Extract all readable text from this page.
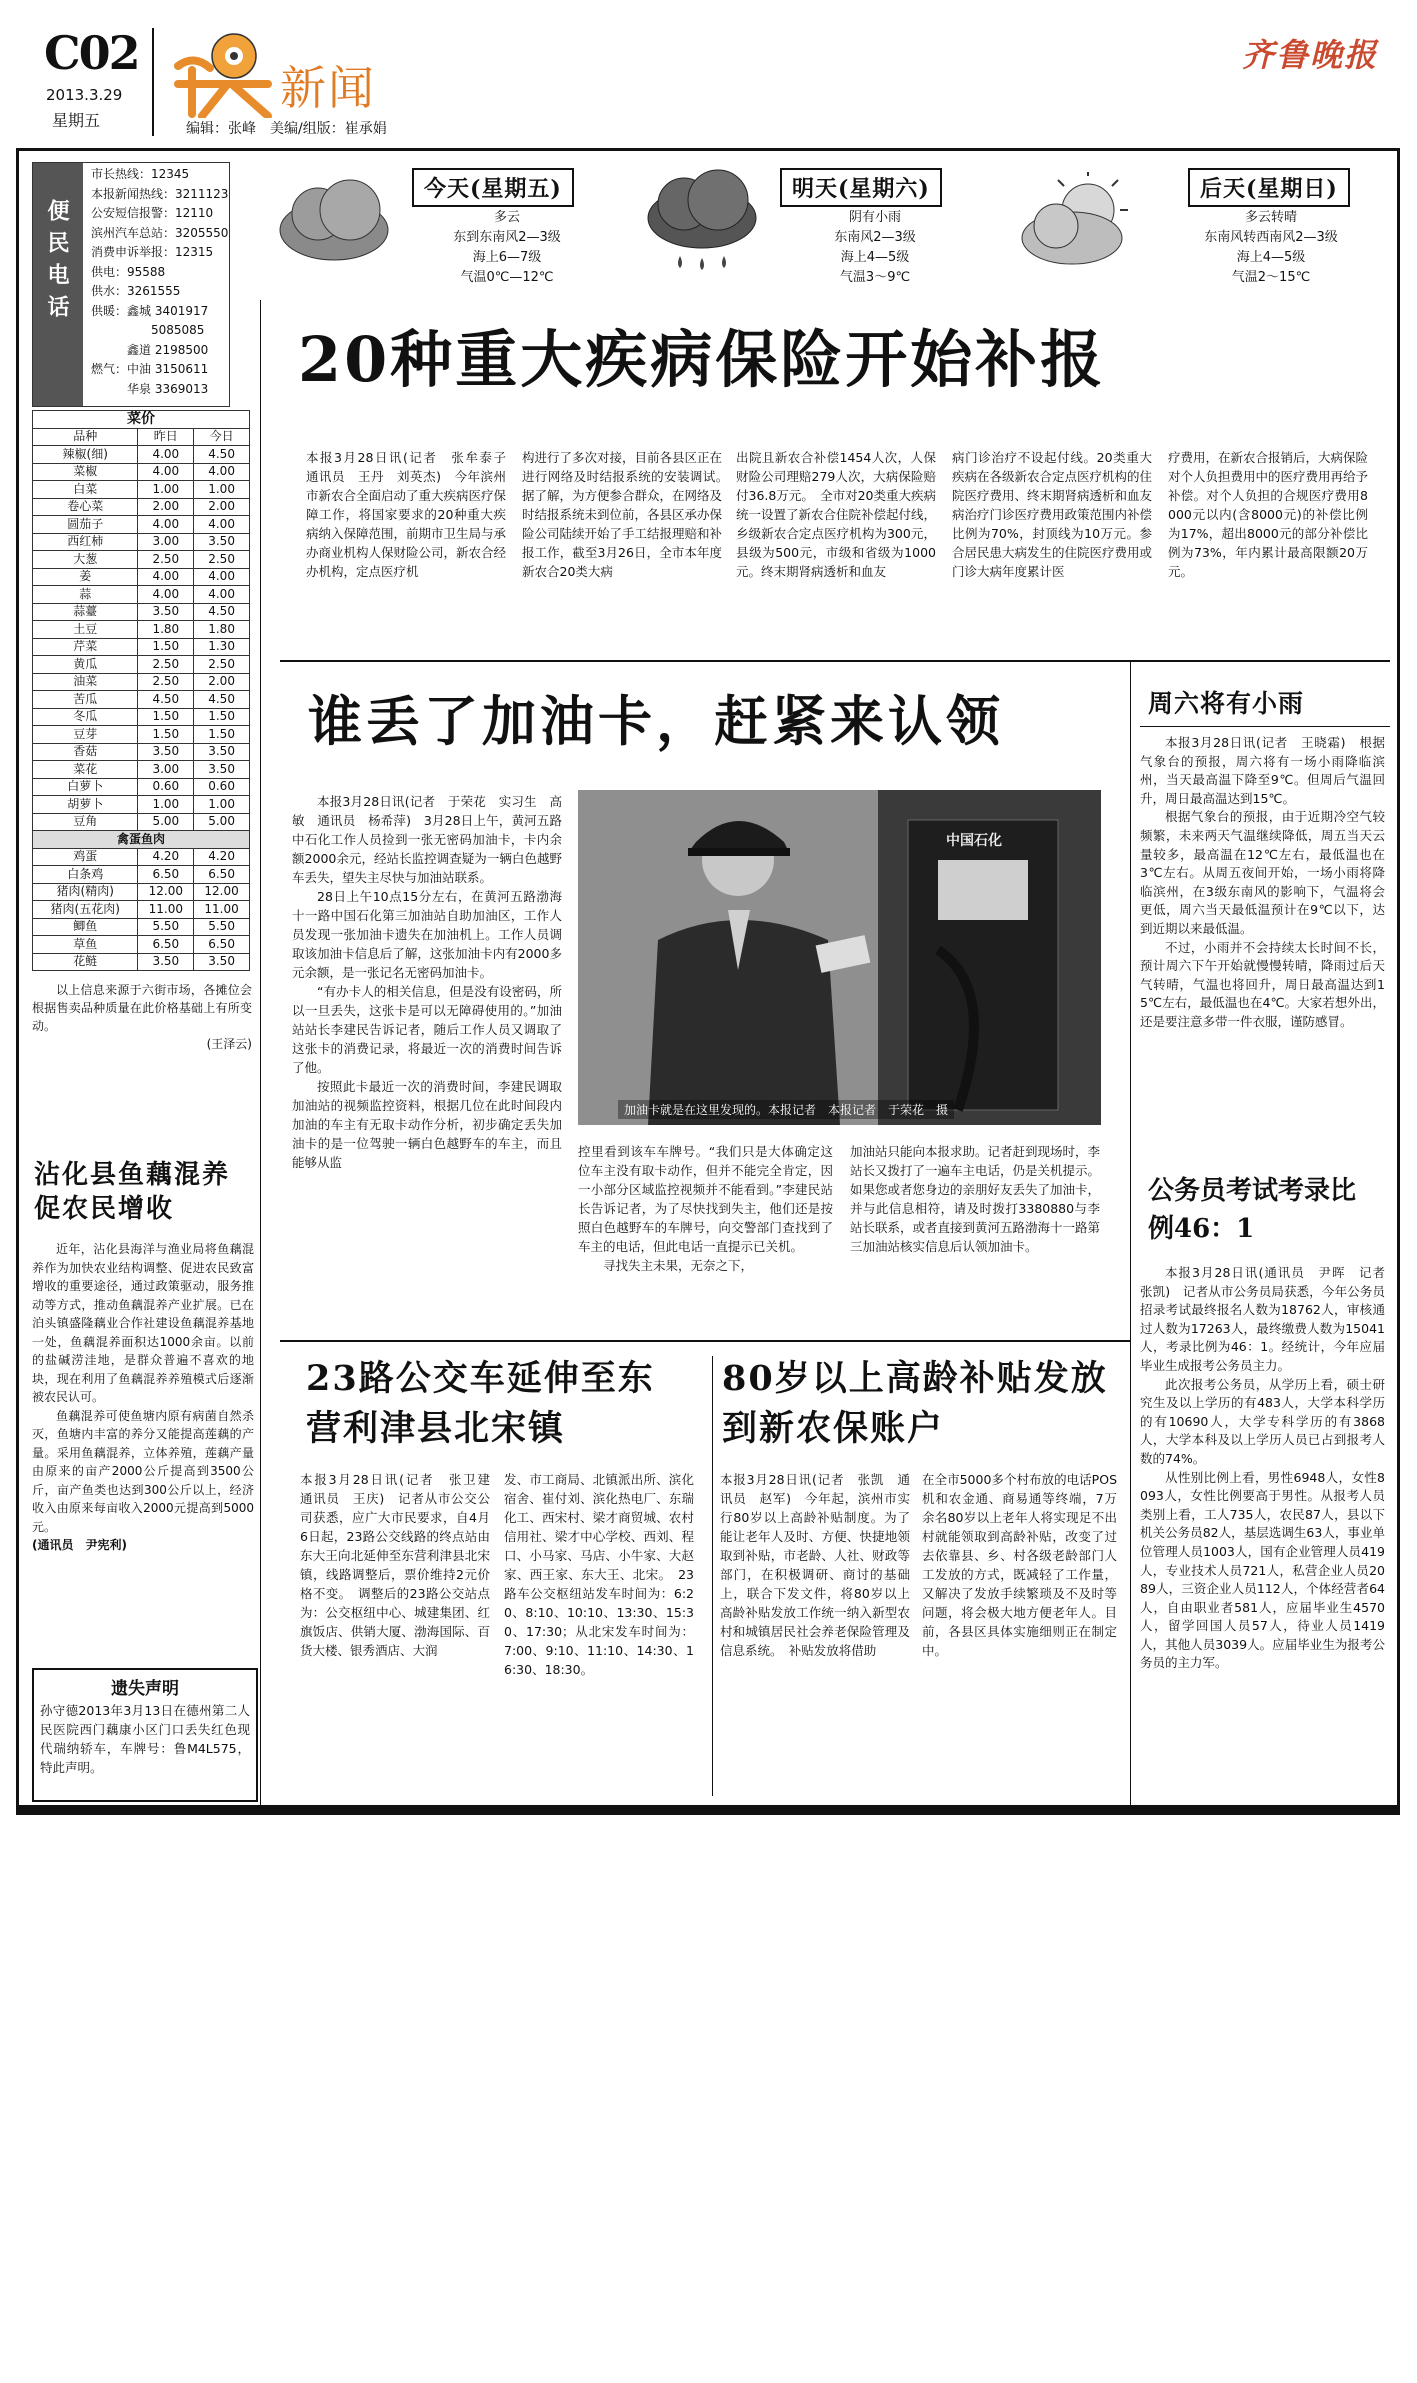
C02
2013.3.29
星期五
新闻
编辑：张峰　美编/组版：崔承娟
齐鲁晚报
便民电话
市长热线：12345
本报新闻热线：3211123
公安短信报警：12110
滨州汽车总站：3205550
消费申诉举报：12315
供电：95588
供水：3261555
供暖：鑫城 3401917
5085085
鑫道 2198500
燃气：中油 3150611
华泉 3369013
今天(星期五)
多云
东到东南风2—3级
海上6—7级
气温0℃—12℃
明天(星期六)
阴有小雨
东南风2—3级
海上4—5级
气温3～9℃
后天(星期日)
多云转晴
东南风转西南风2—3级
海上4—5级
气温2～15℃
菜价		
品种	昨日	今日
辣椒(细)	4.00	4.50
菜椒	4.00	4.00
白菜	1.00	1.00
卷心菜	2.00	2.00
圆茄子	4.00	4.00
西红柿	3.00	3.50
大葱	2.50	2.50
姜	4.00	4.00
蒜	4.00	4.00
蒜薹	3.50	4.50
土豆	1.80	1.80
芹菜	1.50	1.30
黄瓜	2.50	2.50
油菜	2.50	2.00
苦瓜	4.50	4.50
冬瓜	1.50	1.50
豆芽	1.50	1.50
香菇	3.50	3.50
菜花	3.00	3.50
白萝卜	0.60	0.60
胡萝卜	1.00	1.00
豆角	5.00	5.00
禽蛋鱼肉		
鸡蛋	4.20	4.20
白条鸡	6.50	6.50
猪肉(精肉)	12.00	12.00
猪肉(五花肉)	11.00	11.00
鲫鱼	5.50	5.50
草鱼	6.50	6.50
花鲢	3.50	3.50

以上信息来源于六街市场，各摊位会根据售卖品种质量在此价格基础上有所变动。

(王泽云)
沾化县鱼藕混养促农民增收

近年，沾化县海洋与渔业局将鱼藕混养作为加快农业结构调整、促进农民致富增收的重要途径，通过政策驱动，服务推动等方式，推动鱼藕混养产业扩展。已在泊头镇盛隆藕业合作社建设鱼藕混养基地一处，鱼藕混养面积达1000余亩。以前的盐碱涝洼地，是群众普遍不喜欢的地块，现在利用了鱼藕混养养殖模式后逐渐被农民认可。

鱼藕混养可使鱼塘内原有病菌自然杀灭，鱼塘内丰富的养分又能提高莲藕的产量。采用鱼藕混养，立体养殖，莲藕产量由原来的亩产2000公斤提高到3500公斤，亩产鱼类也达到300公斤以上，经济收入由原来每亩收入2000元提高到5000元。

(通讯员　尹宪利)
遗失声明
孙守德2013年3月13日在德州第二人民医院西门藕康小区门口丢失红色现代瑞纳轿车，车牌号：鲁M4L575，特此声明。
20种重大疾病保险开始补报
本报3月28日讯(记者　张牟泰子　通讯员　王丹　刘英杰)　今年滨州市新农合全面启动了重大疾病医疗保障工作，将国家要求的20种重大疾病纳入保障范围，前期市卫生局与承办商业机构人保财险公司，新农合经办机构，定点医疗机
构进行了多次对接，目前各县区正在进行网络及时结报系统的安装调试。　据了解，为方便参合群众，在网络及时结报系统未到位前，各县区承办保险公司陆续开始了手工结报理赔和补报工作，截至3月26日，全市本年度新农合20类大病
出院且新农合补偿1454人次，人保财险公司理赔279人次，大病保险赔付36.8万元。　全市对20类重大疾病统一设置了新农合住院补偿起付线，乡级新农合定点医疗机构为300元，县级为500元，市级和省级为1000元。终末期肾病透析和血友
病门诊治疗不设起付线。20类重大疾病在各级新农合定点医疗机构的住院医疗费用、终末期肾病透析和血友病治疗门诊医疗费用政策范围内补偿比例为70%，封顶线为10万元。参合居民患大病发生的住院医疗费用或门诊大病年度累计医
疗费用，在新农合报销后，大病保险对个人负担费用中的医疗费用再给予补偿。对个人负担的合规医疗费用8000元以内(含8000元)的补偿比例为17%，超出8000元的部分补偿比例为73%，年内累计最高限额20万元。
谁丢了加油卡，赶紧来认领

本报3月28日讯(记者　于荣花　实习生　高敏　通讯员　杨希萍)　3月28日上午，黄河五路中石化工作人员捡到一张无密码加油卡，卡内余额2000余元，经站长监控调查疑为一辆白色越野车丢失，望失主尽快与加油站联系。

28日上午10点15分左右，在黄河五路渤海十一路中国石化第三加油站自助加油区，工作人员发现一张加油卡遗失在加油机上。工作人员调取该加油卡信息后了解，这张加油卡内有2000多元余额，是一张记名无密码加油卡。

“有办卡人的相关信息，但是没有设密码，所以一旦丢失，这张卡是可以无障碍使用的。”加油站站长李建民告诉记者，随后工作人员又调取了这张卡的消费记录，将最近一次的消费时间告诉了他。

按照此卡最近一次的消费时间，李建民调取加油站的视频监控资料，根据几位在此时间段内加油的车主有无取卡动作分析，初步确定丢失加油卡的是一位驾驶一辆白色越野车的车主，而且能够从监

中国石化
加油卡就是在这里发现的。本报记者　本报记者　于荣花　摄

控里看到该车车牌号。“我们只是大体确定这位车主没有取卡动作，但并不能完全肯定，因一小部分区域监控视频并不能看到。”李建民站长告诉记者，为了尽快找到失主，他们还是按照白色越野车的车牌号，向交警部门查找到了车主的电话，但此电话一直提示已关机。

寻找失主未果，无奈之下，

加油站只能向本报求助。记者赶到现场时，李站长又拨打了一遍车主电话，仍是关机提示。如果您或者您身边的亲朋好友丢失了加油卡，并与此信息相符，请及时拨打3380880与李站长联系，或者直接到黄河五路渤海十一路第三加油站核实信息后认领加油卡。

周六将有小雨

本报3月28日讯(记者　王晓霜)　根据气象台的预报，周六将有一场小雨降临滨州，当天最高温下降至9℃。但周后气温回升，周日最高温达到15℃。

根据气象台的预报，由于近期冷空气较频繁，未来两天气温继续降低，周五当天云量较多，最高温在12℃左右，最低温也在3℃左右。从周五夜间开始，一场小雨将降临滨州，在3级东南风的影响下，气温将会更低，周六当天最低温预计在9℃以下，达到近期以来最低温。

不过，小雨并不会持续太长时间不长，预计周六下午开始就慢慢转晴，降雨过后天气转晴，气温也将回升，周日最高温达到15℃左右，最低温也在4℃。大家若想外出，还是要注意多带一件衣服，谨防感冒。

公务员考试考录比例46：1

本报3月28日讯(通讯员　尹晖　记者　张凯)　记者从市公务员局获悉，今年公务员招录考试最终报名人数为18762人，审核通过人数为17263人，最终缴费人数为15041人，考录比例为46：1。经统计，今年应届毕业生成报考公务员主力。

此次报考公务员，从学历上看，硕士研究生及以上学历的有483人，大学本科学历的有10690人，大学专科学历的有3868人，大学本科及以上学历人员已占到报考人数的74%。

从性别比例上看，男性6948人，女性8093人，女性比例要高于男性。从报考人员类别上看，工人735人，农民87人，县以下机关公务员82人，基层选调生63人，事业单位管理人员1003人，国有企业管理人员419人，专业技术人员721人，私营企业人员2089人，三资企业人员112人，个体经营者64人，自由职业者581人，应届毕业生4570人，留学回国人员57人，待业人员1419人，其他人员3039人。应届毕业生为报考公务员的主力军。

23路公交车延伸至东营利津县北宋镇
本报3月28日讯(记者　张卫建　通讯员　王庆)　记者从市公交公司获悉，应广大市民要求，自4月6日起，23路公交线路的终点站由东大王向北延伸至东营利津县北宋镇，线路调整后，票价维持2元价格不变。　调整后的23路公交站点为：公交枢纽中心、城建集团、红旗饭店、供销大厦、渤海国际、百货大楼、银秀酒店、大润
发、市工商局、北镇派出所、滨化宿舍、崔付刘、滨化热电厂、东瑞化工、西宋村、梁才商贸城、农村信用社、梁才中心学校、西刘、程口、小马家、马店、小牛家、大赵家、西王家、东大王、北宋。　23路车公交枢纽站发车时间为：6:20、8:10、10:10、13:30、15:30、17:30；从北宋发车时间为：7:00、9:10、11:10、14:30、16:30、18:30。
80岁以上高龄补贴发放到新农保账户
本报3月28日讯(记者　张凯　通讯员　赵军)　今年起，滨州市实行80岁以上高龄补贴制度。为了能让老年人及时、方便、快捷地领取到补贴，市老龄、人社、财政等部门，在积极调研、商讨的基础上，联合下发文件，将80岁以上高龄补贴发放工作统一纳入新型农村和城镇居民社会养老保险管理及信息系统。　补贴发放将借助
在全市5000多个村布放的电话POS机和农金通、商易通等终端，7万余名80岁以上老年人将实现足不出村就能领取到高龄补贴，改变了过去依靠县、乡、村各级老龄部门人工发放的方式，既减轻了工作量，又解决了发放手续繁琐及不及时等问题，将会极大地方便老年人。目前，各县区具体实施细则正在制定中。
